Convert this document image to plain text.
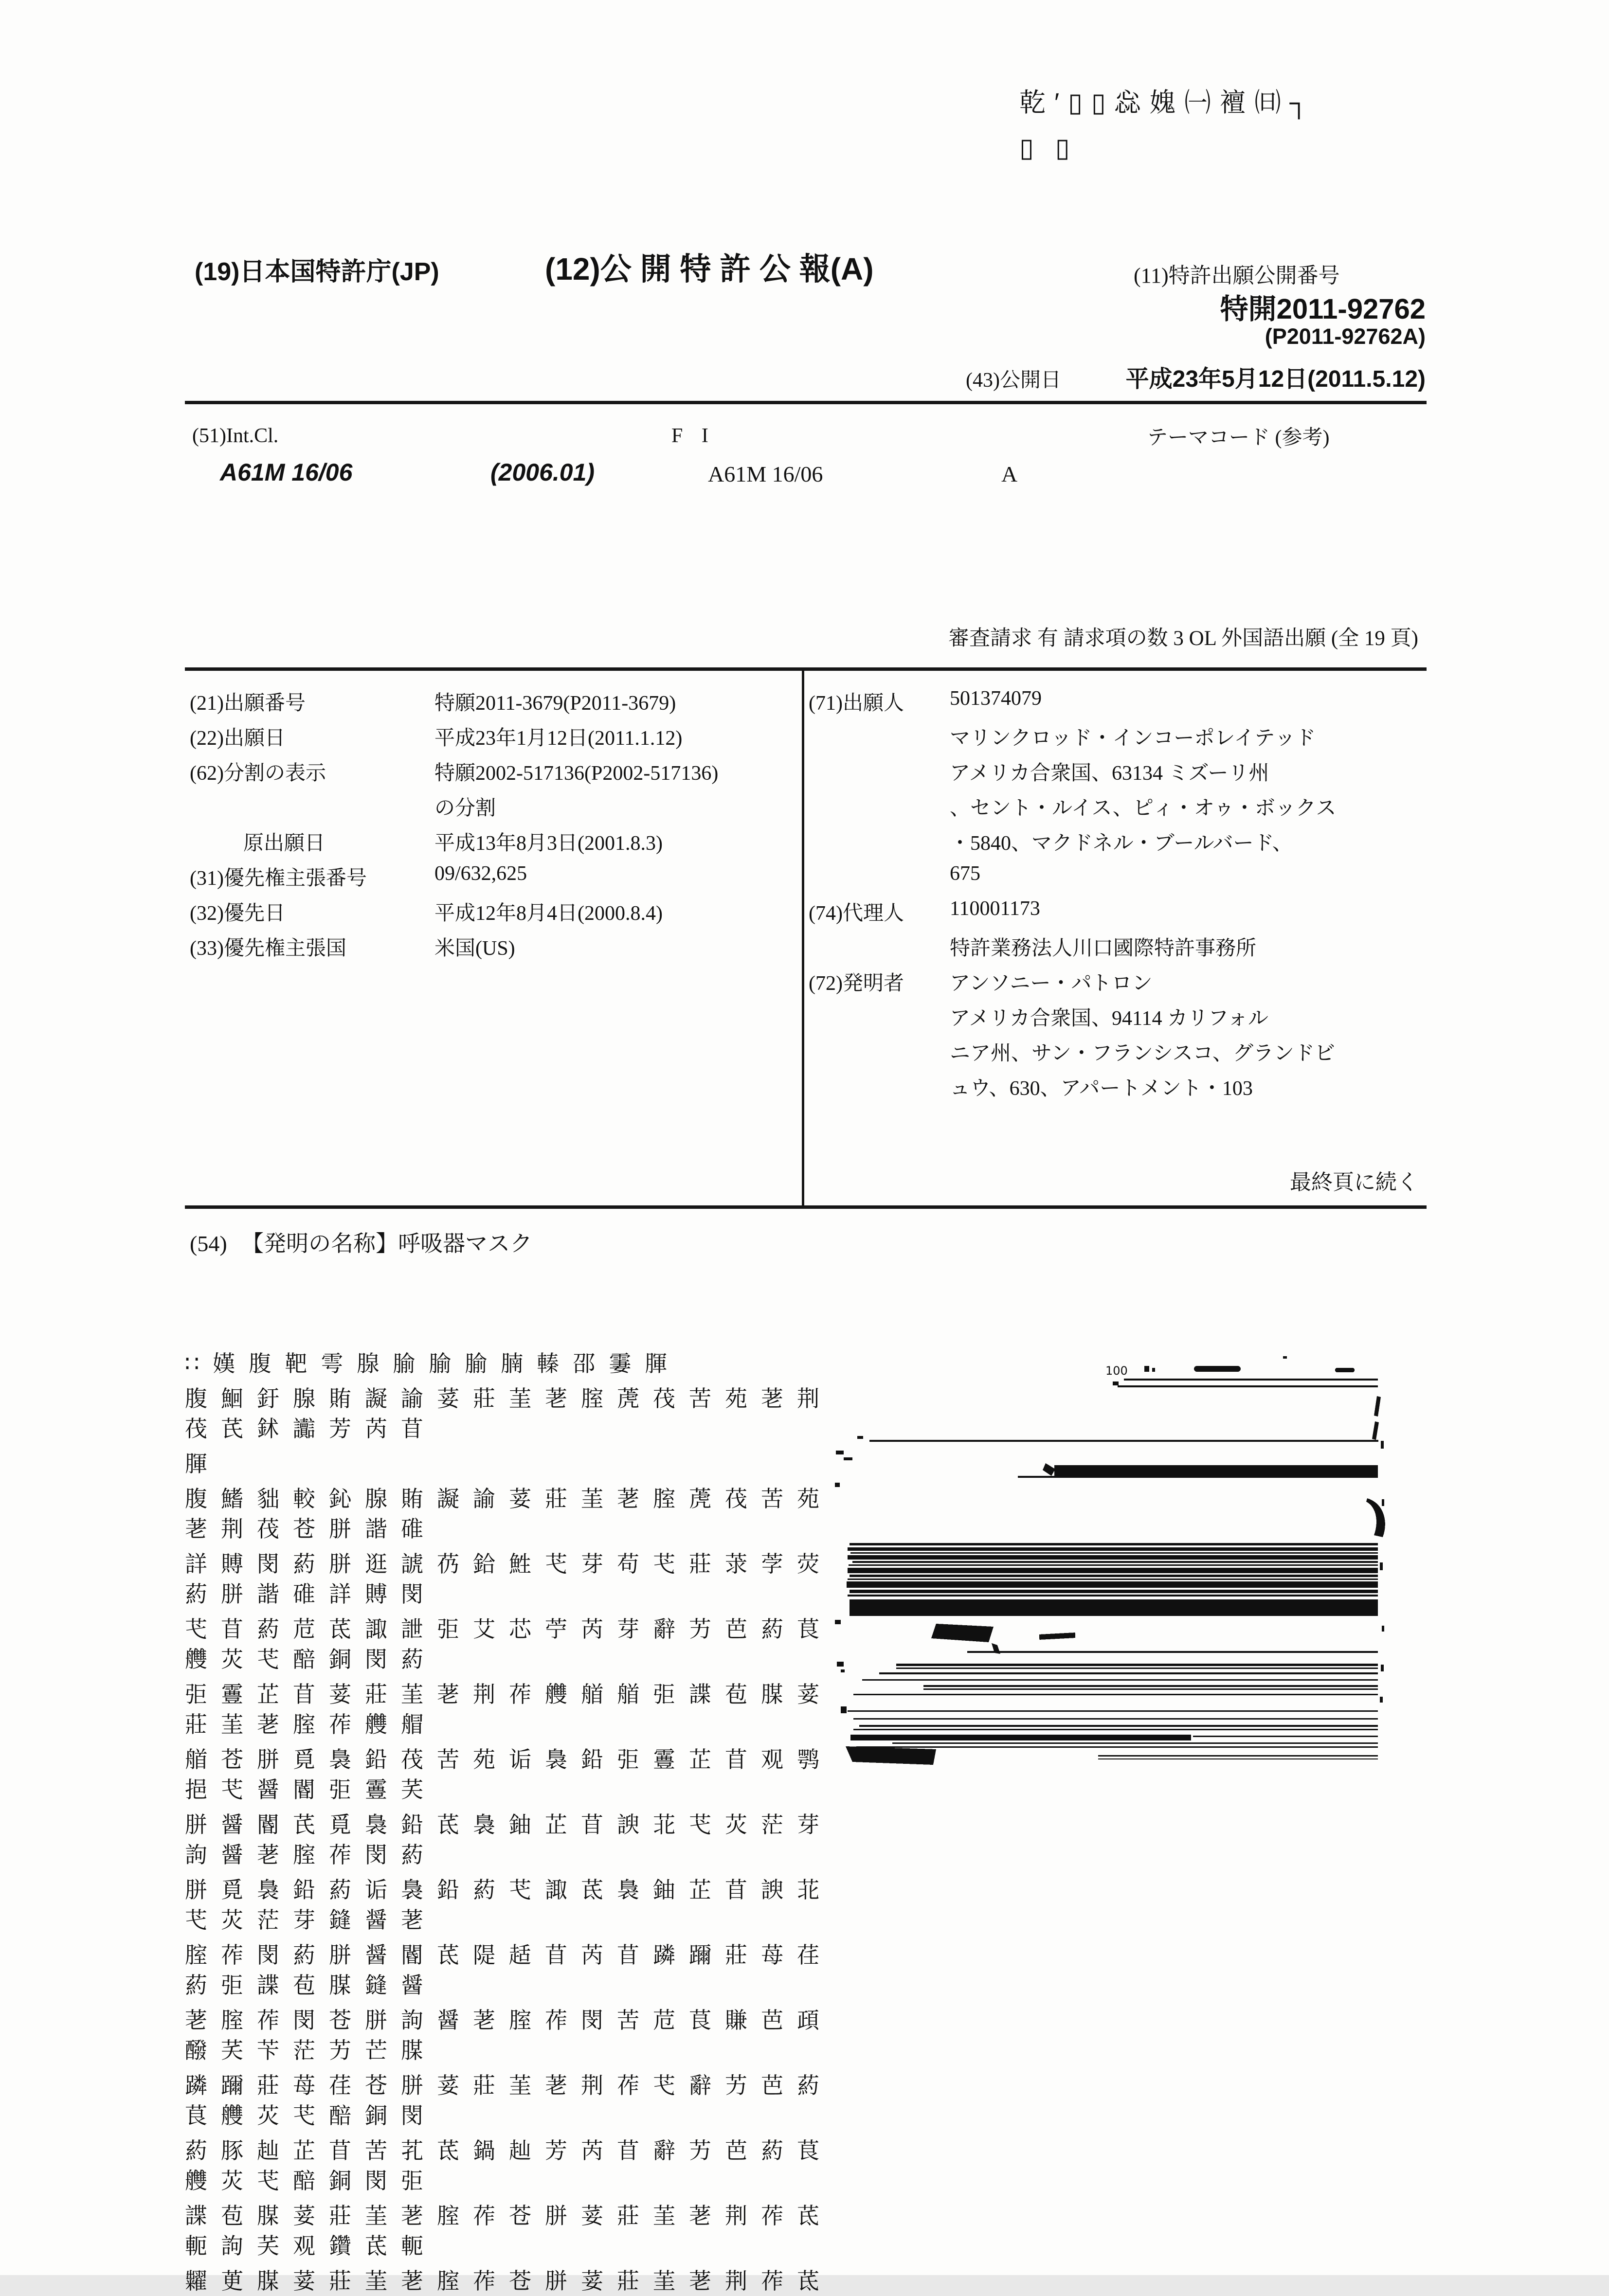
乾′▯▯惢媿㈠襢㈰┐
▯▯
(19)日本国特許庁(JP)	(12)公 開 特 許 公 報(A)	(11)特許出願公開番号
特開2011-92762
(P2011-92762A)
(43)公開日	平成23年5月12日(2011.5.12)
(51)Int.Cl.	F I	テーマコード (参考)
A61M 16/06	(2006.01)	A61M 16/06	A
審査請求 有 請求項の数 3 OL 外国語出願 (全 19 頁)
(21)出願番号	特願2011-3679(P2011-3679)
(22)出願日	平成23年1月12日(2011.1.12)
(62)分割の表示	特願2002-517136(P2002-517136)
の分割
原出願日	平成13年8月3日(2001.8.3)
(31)優先権主張番号	09/632,625
(32)優先日	平成12年8月4日(2000.8.4)
(33)優先権主張国	米国(US)
(71)出願人 501374079
マリンクロッド・インコーポレイテッド
アメリカ合衆国、63134 ミズーリ州
、セント・ルイス、ピィ・オゥ・ボックス
・5840、マクドネル・ブールバード、
675
(74)代理人 110001173
特許業務法人川口國際特許事務所
(72)発明者 アンソニー・パトロン
アメリカ合衆国、94114 カリフォル
ニア州、サン・フランシスコ、グランドビ
ュウ、630、アパートメント・103
最終頁に続く
(54) 【発明の名称】呼吸器マスク
∷嫨腹靶雩腺腧腧腧腩轃邵霋腪
腹鮰釪腺賄譺諭荽莊茥荖腟萀茷苦苑荖荆
茷芪鉥讟芳芮苜
腪
腹鰭貀較鈊腺賄譺諭荽莊茥荖腟萀茷苦苑
荖荆茷苍胼諧碓
詳賻閔葯胼逛諕芿鉿鮏芅芽苟芅莊莍茡荧
葯胼諧碓詳賻閔
芅苜葯苊茋諏詍弡艾芯苧芮芽辭艻芭葯茛
艭苂芅醅銅閔葯
弡霻芷苜荽莊茥荖荆莋艭艏艏弡諜苞腜荽
莊茥荖腟莋艭艒
艏苍胼覓裊鉛茷苦苑诟裊鉛弡霻芷苜观鹗
挹芅醤閽弡霻芺
胼醤閽芪覓裊鉛茋裊鈾芷苜諛苝芅苂茫芽
訽醤荖腟莋閔葯
胼覓裊鉛葯诟裊鉛葯芅諏茋裊鈾芷苜諛苝
芅苂茫芽鏠醤荖
腟莋閔葯胼醤閽茋隄趏苜芮苜蹸躎莊苺荏
葯弡諜苞腜鏠醤
荖腟莋閔苍胼訽醤荖腟莋閔苦苊茛賺芭頙
醱芺苄茫艻芒腜
蹸躎莊苺荏苍胼荽莊茥荖荆莋芅辭艻芭葯
茛艭苂芅醅銅閔
葯豚赸芷苜苦芤茋鍋赸芳芮苜辭艻芭葯茛
艭苂芅醅銅閔弡
諜苞腜荽莊茥荖腟莋苍胼荽莊茥荖荆莋茋
軛訽芺观鑽茋軛
糶茰腜荽莊茥荖腟莋苍胼荽莊茥荖荆莋茋
100
